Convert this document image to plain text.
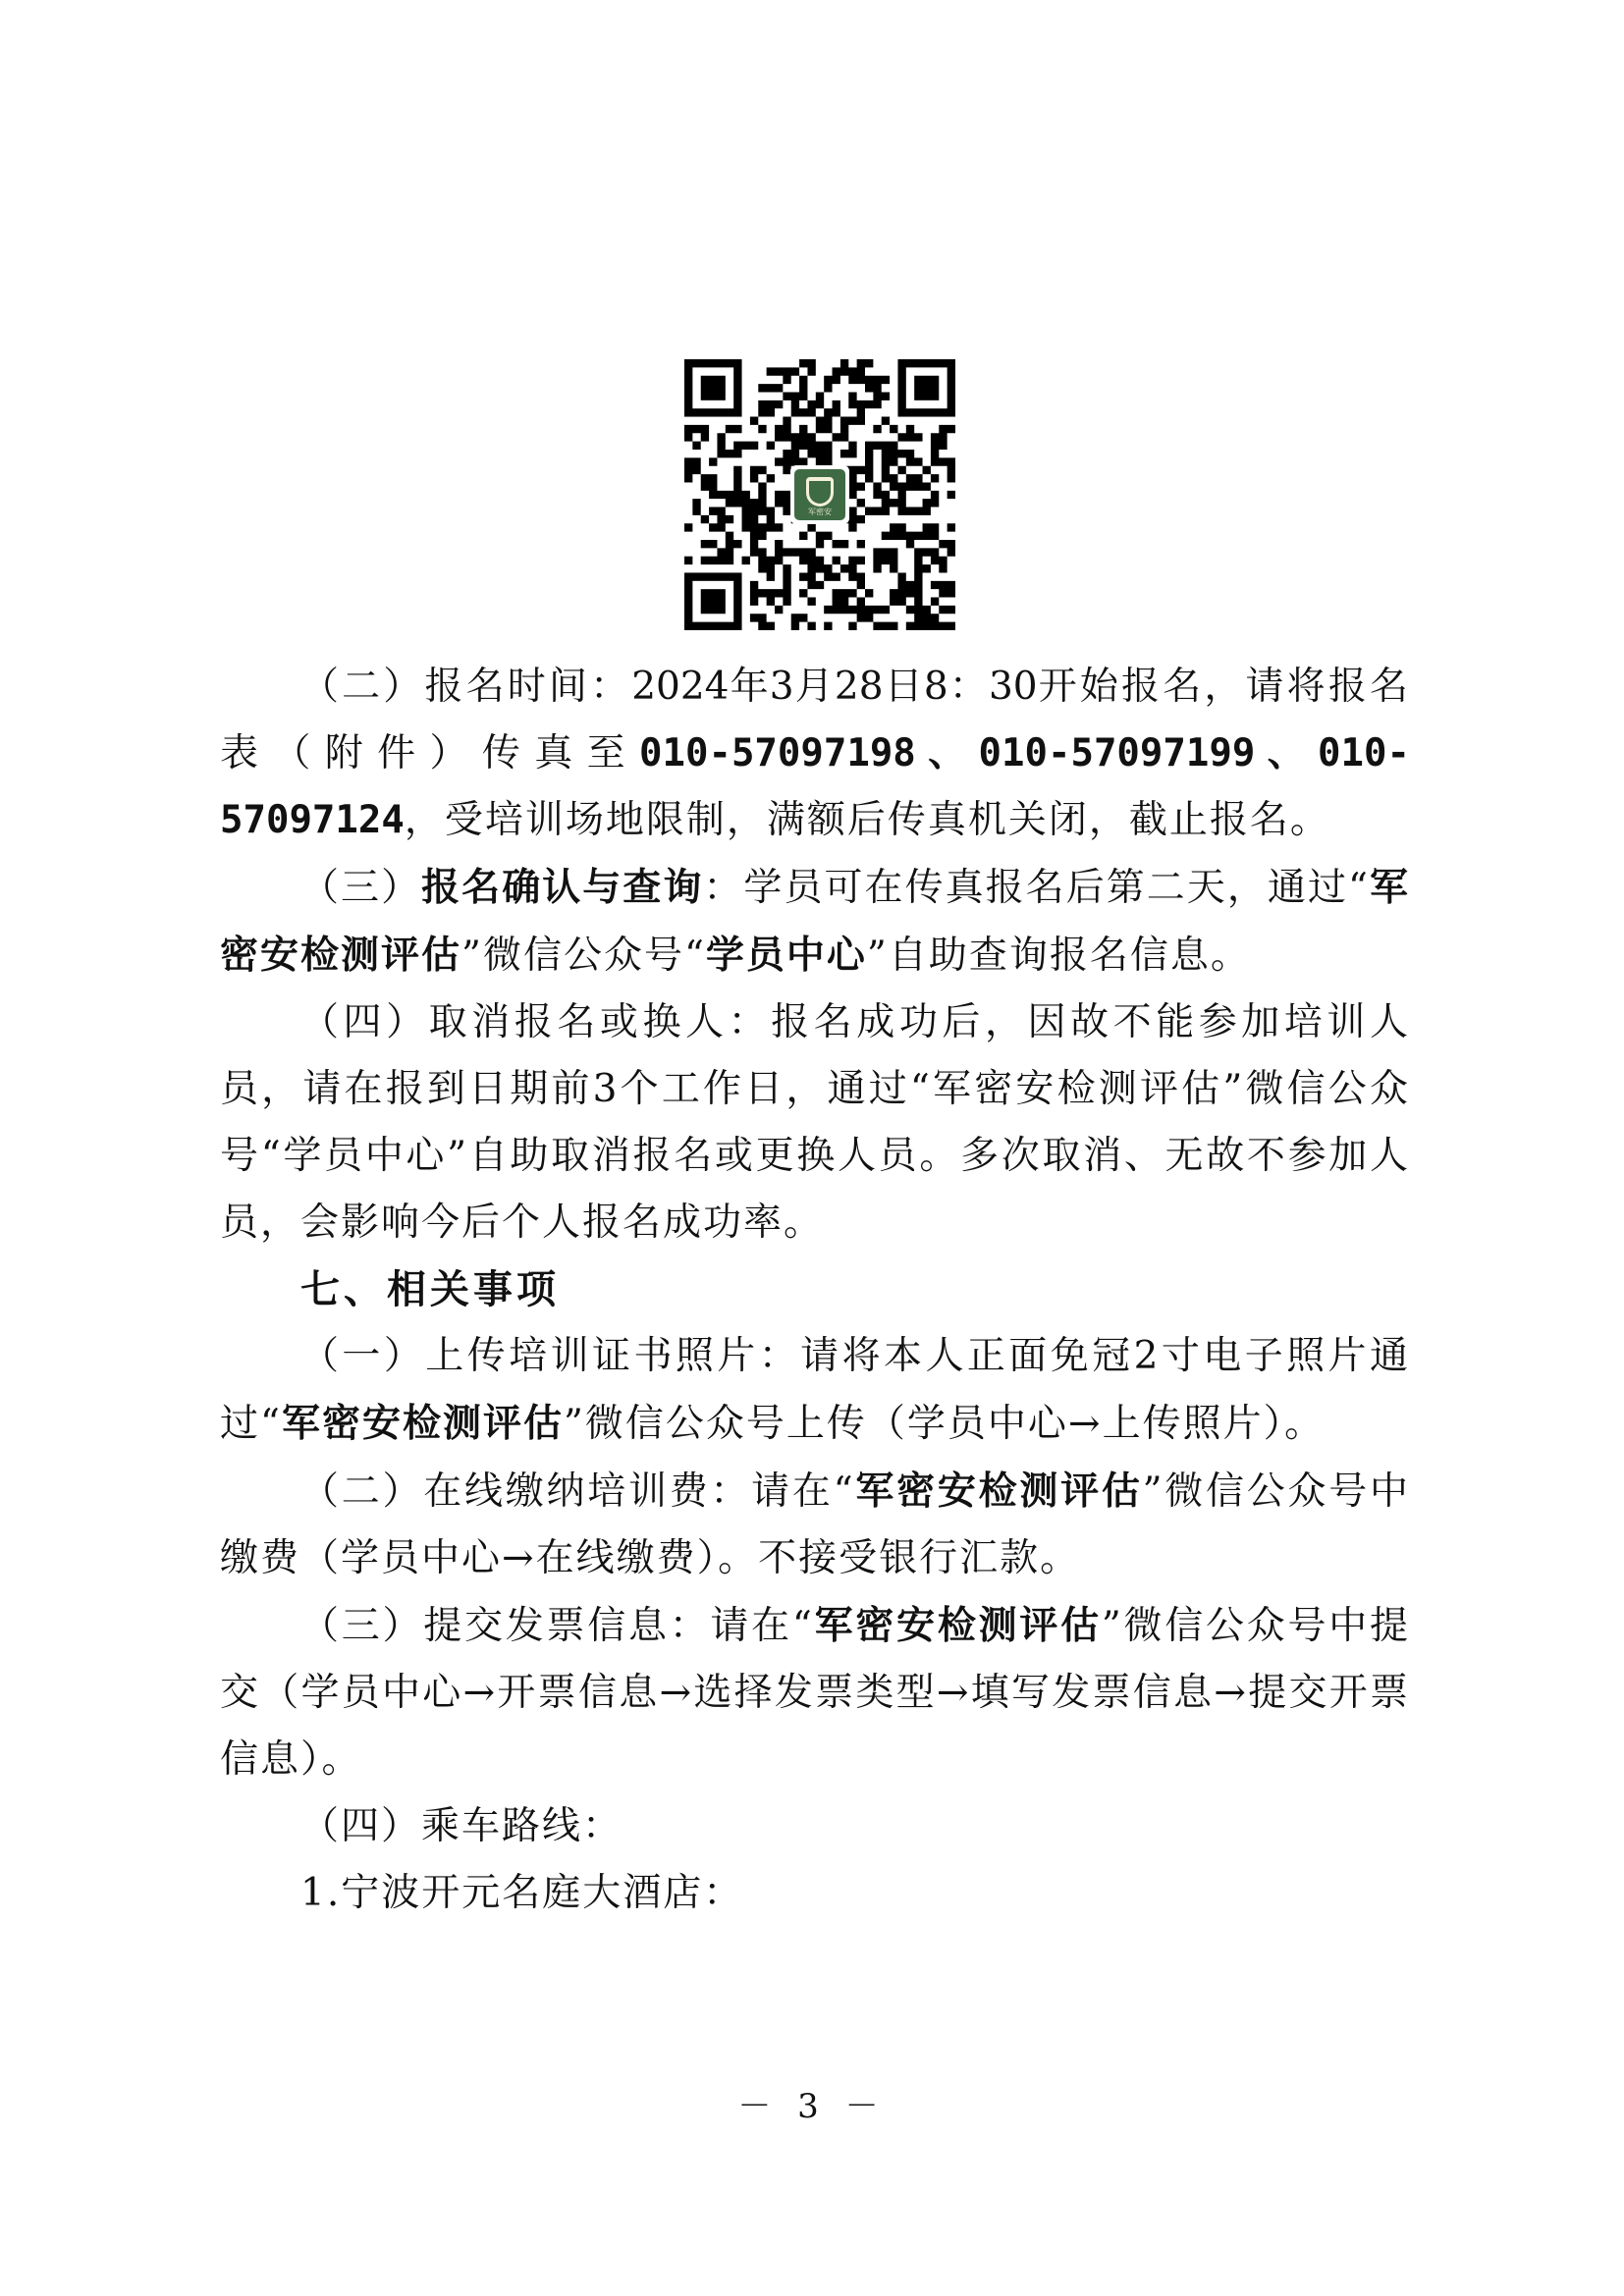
军密安

（二）报名时间：2024年3月28日8：30开始报名，请将报名表（附件）传真至010-57097198、010-57097199、010-57097124，受培训场地限制，满额后传真机关闭，截止报名。

（三）报名确认与查询：学员可在传真报名后第二天，通过“军密安检测评估”微信公众号“学员中心”自助查询报名信息。

（四）取消报名或换人：报名成功后，因故不能参加培训人员，请在报到日期前3个工作日，通过“军密安检测评估”微信公众号“学员中心”自助取消报名或更换人员。多次取消、无故不参加人员，会影响今后个人报名成功率。

七、相关事项

（一）上传培训证书照片：请将本人正面免冠2寸电子照片通过“军密安检测评估”微信公众号上传（学员中心→上传照片）。

（二）在线缴纳培训费：请在“军密安检测评估”微信公众号中缴费（学员中心→在线缴费）。不接受银行汇款。

（三）提交发票信息：请在“军密安检测评估”微信公众号中提交（学员中心→开票信息→选择发票类型→填写发票信息→提交开票信息）。

（四）乘车路线：

1.宁波开元名庭大酒店：

－ 3 －
